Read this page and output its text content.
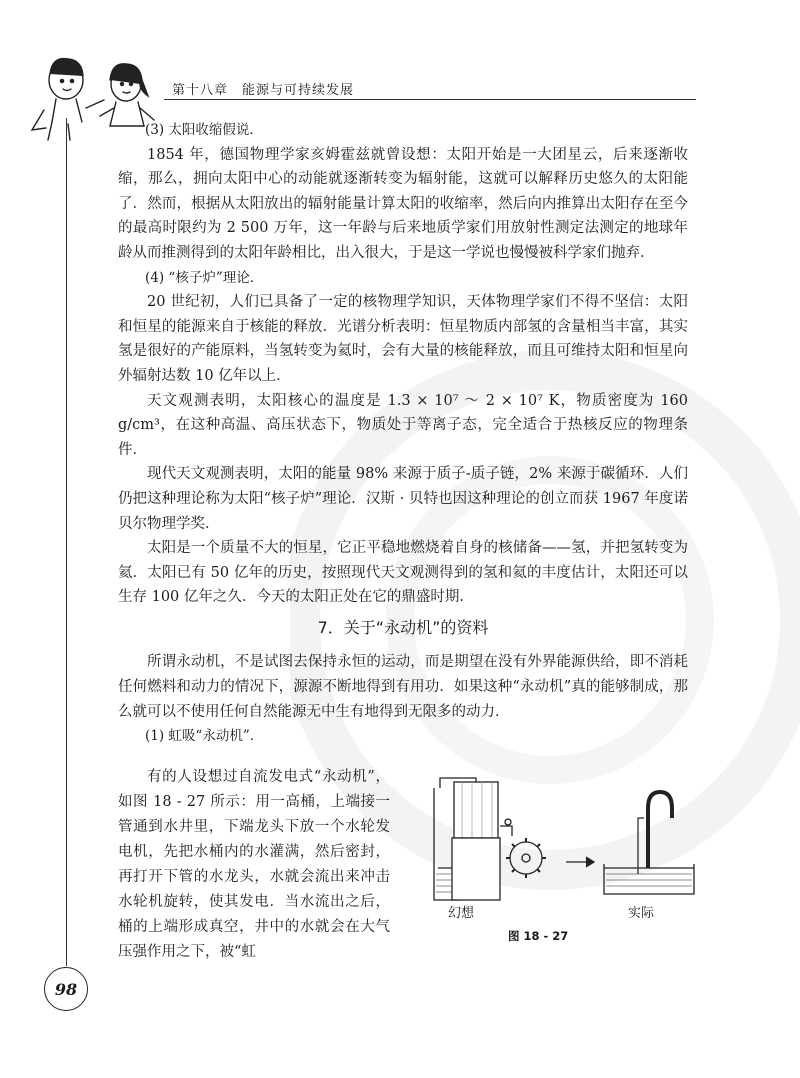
第十八章　能源与可持续发展

(3) 太阳收缩假说．

1854 年，德国物理学家亥姆霍兹就曾设想：太阳开始是一大团星云，后来逐渐收缩，那么，拥向太阳中心的动能就逐渐转变为辐射能，这就可以解释历史悠久的太阳能了．然而，根据从太阳放出的辐射能量计算太阳的收缩率，然后向内推算出太阳存在至今的最高时限约为 2 500 万年，这一年龄与后来地质学家们用放射性测定法测定的地球年龄从而推测得到的太阳年龄相比，出入很大，于是这一学说也慢慢被科学家们抛弃．

(4) “核子炉”理论．

20 世纪初，人们已具备了一定的核物理学知识，天体物理学家们不得不坚信：太阳和恒星的能源来自于核能的释放．光谱分析表明：恒星物质内部氢的含量相当丰富，其实氢是很好的产能原料，当氢转变为氦时，会有大量的核能释放，而且可维持太阳和恒星向外辐射达数 10 亿年以上．

天文观测表明，太阳核心的温度是 1.3 × 10⁷ ～ 2 × 10⁷ K，物质密度为 160 g/cm³，在这种高温、高压状态下，物质处于等离子态，完全适合于热核反应的物理条件．

现代天文观测表明，太阳的能量 98% 来源于质子-质子链，2% 来源于碳循环．人们仍把这种理论称为太阳“核子炉”理论．汉斯 · 贝特也因这种理论的创立而获 1967 年度诺贝尔物理学奖．

太阳是一个质量不大的恒星，它正平稳地燃烧着自身的核储备——氢，并把氢转变为氦．太阳已有 50 亿年的历史，按照现代天文观测得到的氢和氦的丰度估计，太阳还可以生存 100 亿年之久．今天的太阳正处在它的鼎盛时期．

7．关于“永动机”的资料

所谓永动机，不是试图去保持永恒的运动，而是期望在没有外界能源供给，即不消耗任何燃料和动力的情况下，源源不断地得到有用功．如果这种“永动机”真的能够制成，那么就可以不使用任何自然能源无中生有地得到无限多的动力．

(1) 虹吸“永动机”．

有的人设想过自流发电式“永动机”，如图 18 - 27 所示：用一高桶，上端接一管通到水井里，下端龙头下放一个水轮发电机，先把水桶内的水灌满，然后密封，再打开下管的水龙头，水就会流出来冲击水轮机旋转，使其发电．当水流出之后，桶的上端形成真空，井中的水就会在大气压强作用之下，被“虹

幻想	实际
图 18 - 27
98
